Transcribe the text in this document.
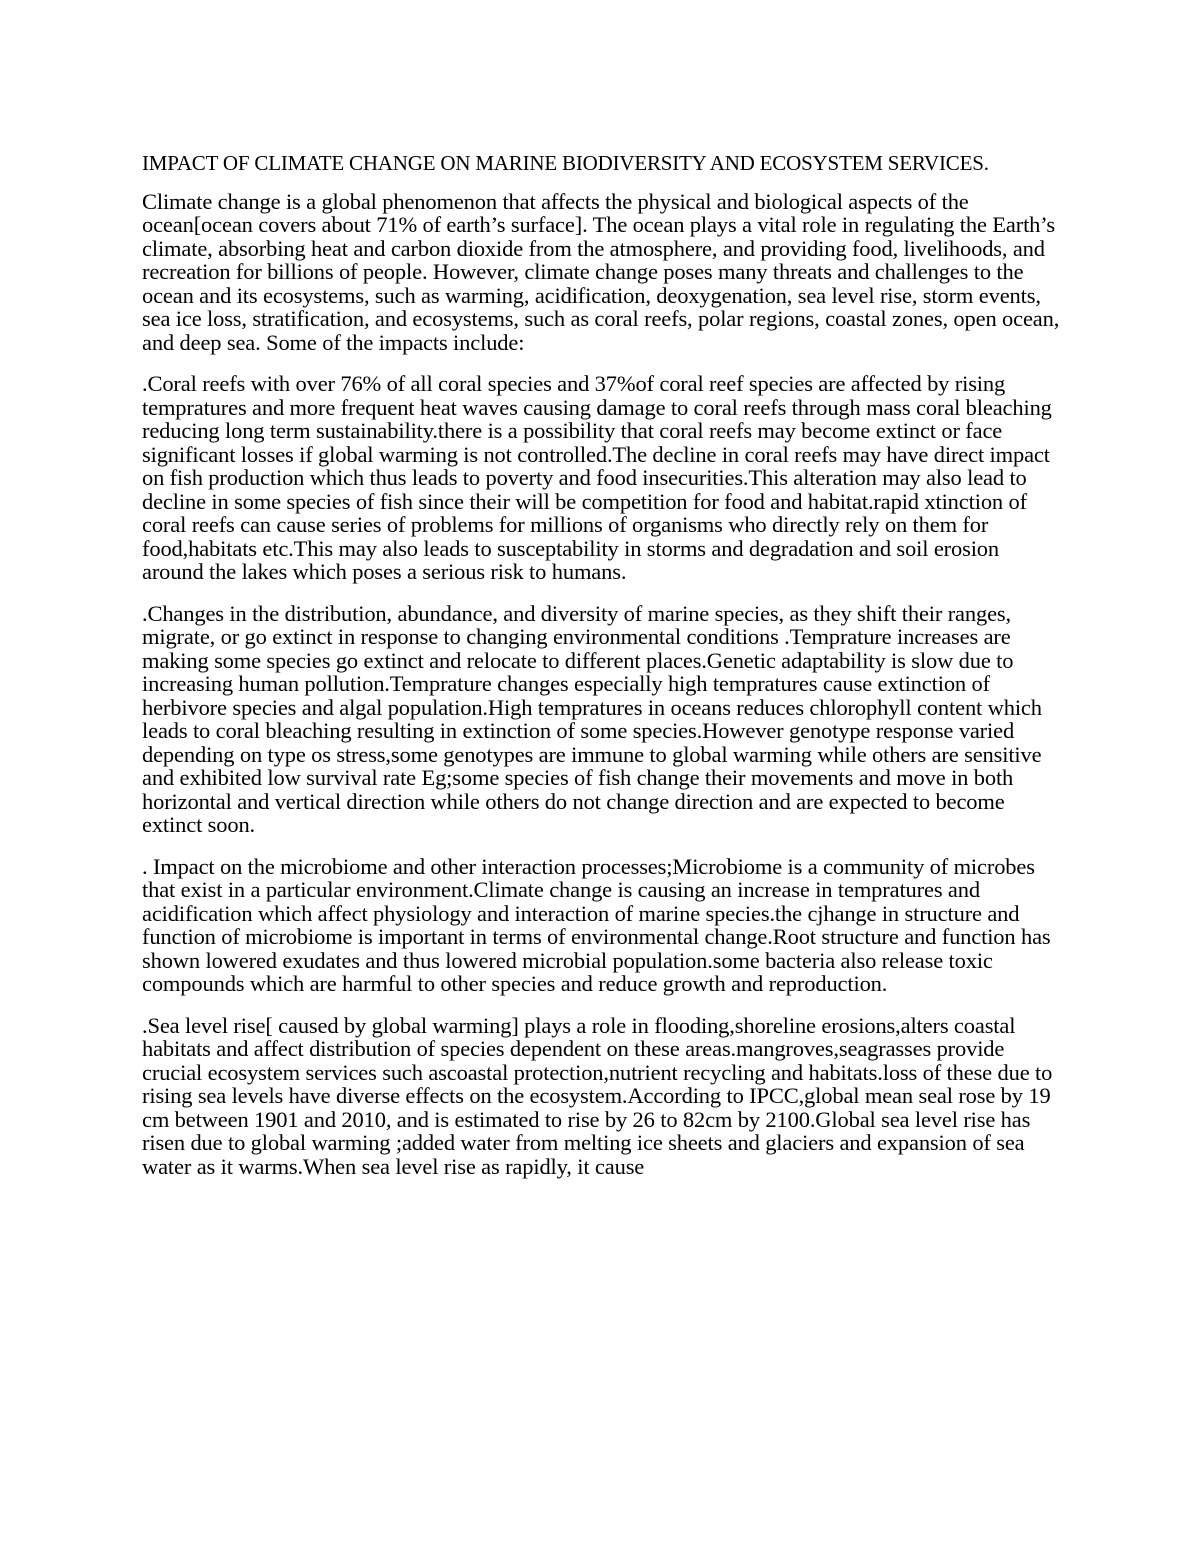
IMPACT OF CLIMATE CHANGE ON MARINE BIODIVERSITY AND ECOSYSTEM SERVICES.

Climate change is a global phenomenon that affects the physical and biological aspects of the ocean[ocean covers about 71% of earth’s surface]. The ocean plays a vital role in regulating the Earth’s climate, absorbing heat and carbon dioxide from the atmosphere, and providing food, livelihoods, and recreation for billions of people. However, climate change poses many threats and challenges to the ocean and its ecosystems, such as warming, acidification, deoxygenation, sea level rise, storm events, sea ice loss, stratification, and ecosystems, such as coral reefs, polar regions, coastal zones, open ocean, and deep sea. Some of the impacts include:

.Coral reefs with over 76% of all coral species and 37%of coral reef species are affected by rising tempratures and more frequent heat waves causing damage to coral reefs through mass coral bleaching reducing long term sustainability.there is a possibility that coral reefs may become extinct or face significant losses if global warming is not controlled.The decline in coral reefs may have direct impact on fish production which thus leads to poverty and food insecurities.This alteration may also lead to decline in some species of fish since their will be competition for food and habitat.rapid xtinction of coral reefs can cause series of problems for millions of organisms who directly rely on them for food,habitats etc.This may also leads to susceptability in storms and degradation and soil erosion around the lakes which poses a serious risk to humans.

.Changes in the distribution, abundance, and diversity of marine species, as they shift their ranges, migrate, or go extinct in response to changing environmental conditions .Temprature increases are making some species go extinct and relocate to different places.Genetic adaptability is slow due to increasing human pollution.Temprature changes especially high tempratures cause extinction of herbivore species and algal population.High tempratures in oceans reduces chlorophyll content which leads to coral bleaching resulting in extinction of some species.However genotype response varied depending on type os stress,some genotypes are immune to global warming while others are sensitive and exhibited low survival rate Eg;some species of fish change their movements and move in both horizontal and vertical direction while others do not change direction and are expected to become extinct soon.

. Impact on the microbiome and other interaction processes;Microbiome is a community of microbes that exist in a particular environment.Climate change is causing an increase in tempratures and acidification which affect physiology and interaction of marine species.the cjhange in structure and function of microbiome is important in terms of environmental change.Root structure and function has shown lowered exudates and thus lowered microbial population.some bacteria also release toxic compounds which are harmful to other species and reduce growth and reproduction.

.Sea level rise[ caused by global warming] plays a role in flooding,shoreline erosions,alters coastal habitats and affect distribution of species dependent on these areas.mangroves,seagrasses provide crucial ecosystem services such ascoastal protection,nutrient recycling and habitats.loss of these due to rising sea levels have diverse effects on the ecosystem.According to IPCC,global mean seal rose by 19 cm between 1901 and 2010, and is estimated to rise by 26 to 82cm by 2100.Global sea level rise has risen due to global warming ;added water from melting ice sheets and glaciers and expansion of sea water as it warms.When sea level rise as rapidly, it cause
